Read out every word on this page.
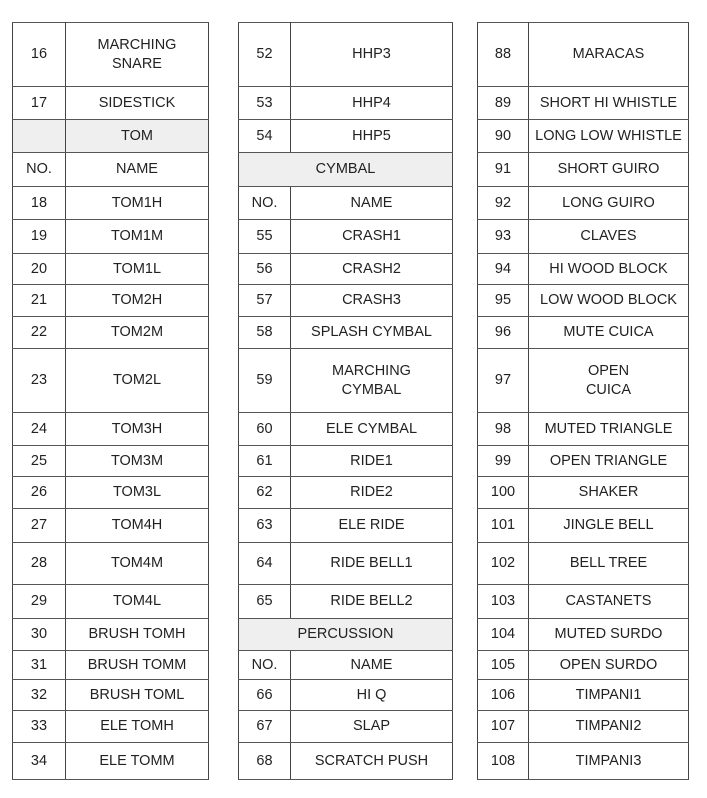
16	MARCHING
SNARE
17	SIDESTICK
	TOM
NO.	NAME
18	TOM1H
19	TOM1M
20	TOM1L
21	TOM2H
22	TOM2M
23	TOM2L
24	TOM3H
25	TOM3M
26	TOM3L
27	TOM4H
28	TOM4M
29	TOM4L
30	BRUSH TOMH
31	BRUSH TOMM
32	BRUSH TOML
33	ELE TOMH
34	ELE TOMM
52	HHP3
53	HHP4
54	HHP5
CYMBAL	
NO.	NAME
55	CRASH1
56	CRASH2
57	CRASH3
58	SPLASH CYMBAL
59	MARCHING
CYMBAL
60	ELE CYMBAL
61	RIDE1
62	RIDE2
63	ELE RIDE
64	RIDE BELL1
65	RIDE BELL2
PERCUSSION	
NO.	NAME
66	HI Q
67	SLAP
68	SCRATCH PUSH
88	MARACAS
89	SHORT HI WHISTLE
90	LONG LOW WHISTLE
91	SHORT GUIRO
92	LONG GUIRO
93	CLAVES
94	HI WOOD BLOCK
95	LOW WOOD BLOCK
96	MUTE CUICA
97	OPEN
CUICA
98	MUTED TRIANGLE
99	OPEN TRIANGLE
100	SHAKER
101	JINGLE BELL
102	BELL TREE
103	CASTANETS
104	MUTED SURDO
105	OPEN SURDO
106	TIMPANI1
107	TIMPANI2
108	TIMPANI3
